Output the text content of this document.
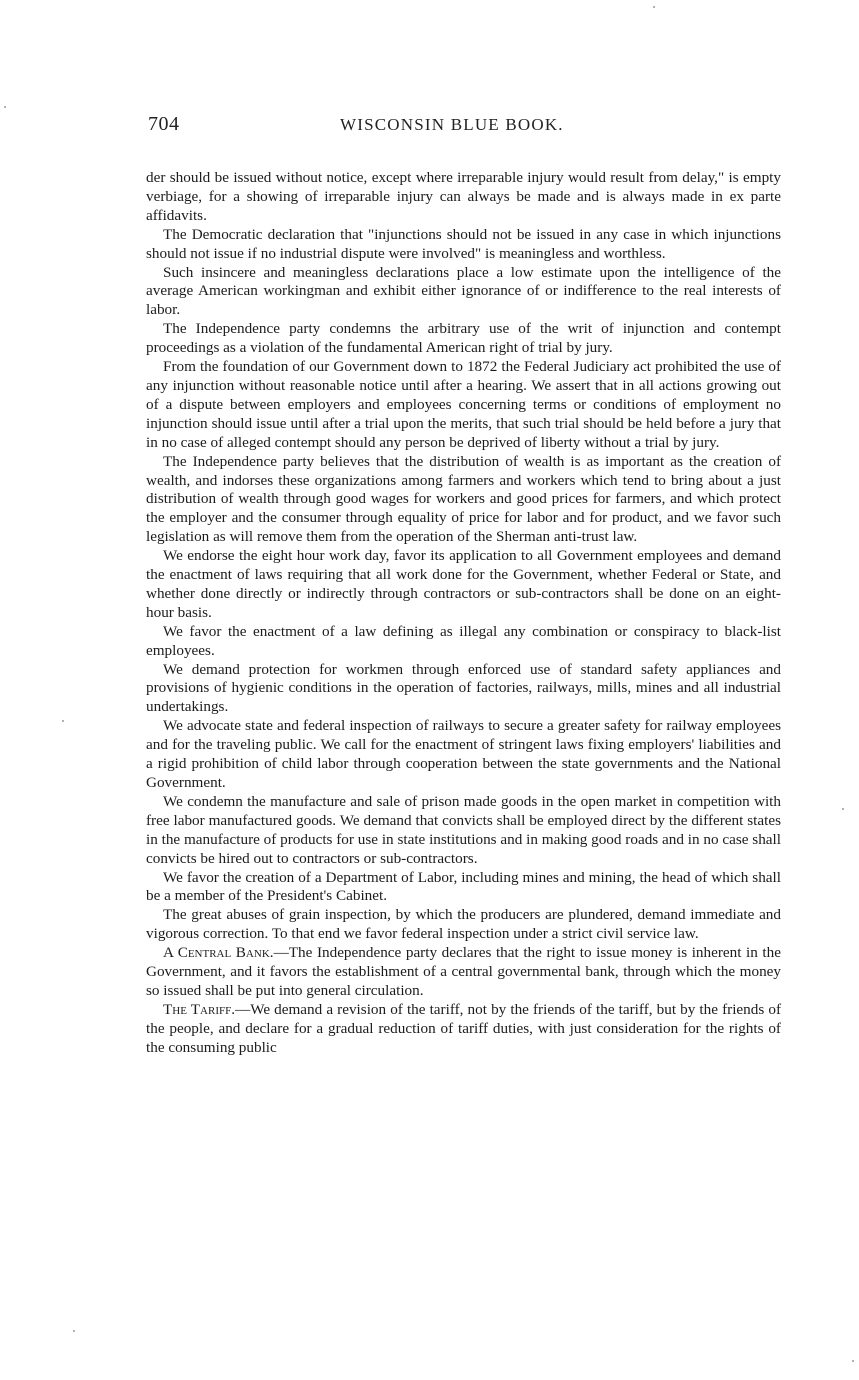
704	WISCONSIN BLUE BOOK.

der should be issued without notice, except where irreparable injury would result from delay," is empty verbiage, for a showing of irreparable injury can always be made and is always made in ex parte affidavits.

The Democratic declaration that "injunctions should not be issued in any case in which injunctions should not issue if no industrial dispute were involved" is meaningless and worthless.

Such insincere and meaningless declarations place a low estimate upon the intelligence of the average American workingman and exhibit either ignorance of or indifference to the real interests of labor.

The Independence party condemns the arbitrary use of the writ of injunction and contempt proceedings as a violation of the fundamental American right of trial by jury.

From the foundation of our Government down to 1872 the Federal Judiciary act prohibited the use of any injunction without reasonable notice until after a hearing. We assert that in all actions growing out of a dispute between employers and employees concerning terms or conditions of employment no injunction should issue until after a trial upon the merits, that such trial should be held before a jury that in no case of alleged contempt should any person be deprived of liberty without a trial by jury.

The Independence party believes that the distribution of wealth is as important as the creation of wealth, and indorses these organizations among farmers and workers which tend to bring about a just distribution of wealth through good wages for workers and good prices for farmers, and which protect the employer and the consumer through equality of price for labor and for product, and we favor such legislation as will remove them from the operation of the Sherman anti-trust law.

We endorse the eight hour work day, favor its application to all Government employees and demand the enactment of laws requiring that all work done for the Government, whether Federal or State, and whether done directly or indirectly through contractors or sub-contractors shall be done on an eight-hour basis.

We favor the enactment of a law defining as illegal any combination or conspiracy to black-list employees.

We demand protection for workmen through enforced use of standard safety appliances and provisions of hygienic conditions in the operation of factories, railways, mills, mines and all industrial undertakings.

We advocate state and federal inspection of railways to secure a greater safety for railway employees and for the traveling public. We call for the enactment of stringent laws fixing employers' liabilities and a rigid prohibition of child labor through cooperation between the state governments and the National Government.

We condemn the manufacture and sale of prison made goods in the open market in competition with free labor manufactured goods. We demand that convicts shall be employed direct by the different states in the manufacture of products for use in state institutions and in making good roads and in no case shall convicts be hired out to contractors or sub-contractors.

We favor the creation of a Department of Labor, including mines and mining, the head of which shall be a member of the President's Cabinet.

The great abuses of grain inspection, by which the producers are plundered, demand immediate and vigorous correction. To that end we favor federal inspection under a strict civil service law.

A Central Bank.—The Independence party declares that the right to issue money is inherent in the Government, and it favors the establishment of a central governmental bank, through which the money so issued shall be put into general circulation.

The Tariff.—We demand a revision of the tariff, not by the friends of the tariff, but by the friends of the people, and declare for a gradual reduction of tariff duties, with just consideration for the rights of the consuming public
